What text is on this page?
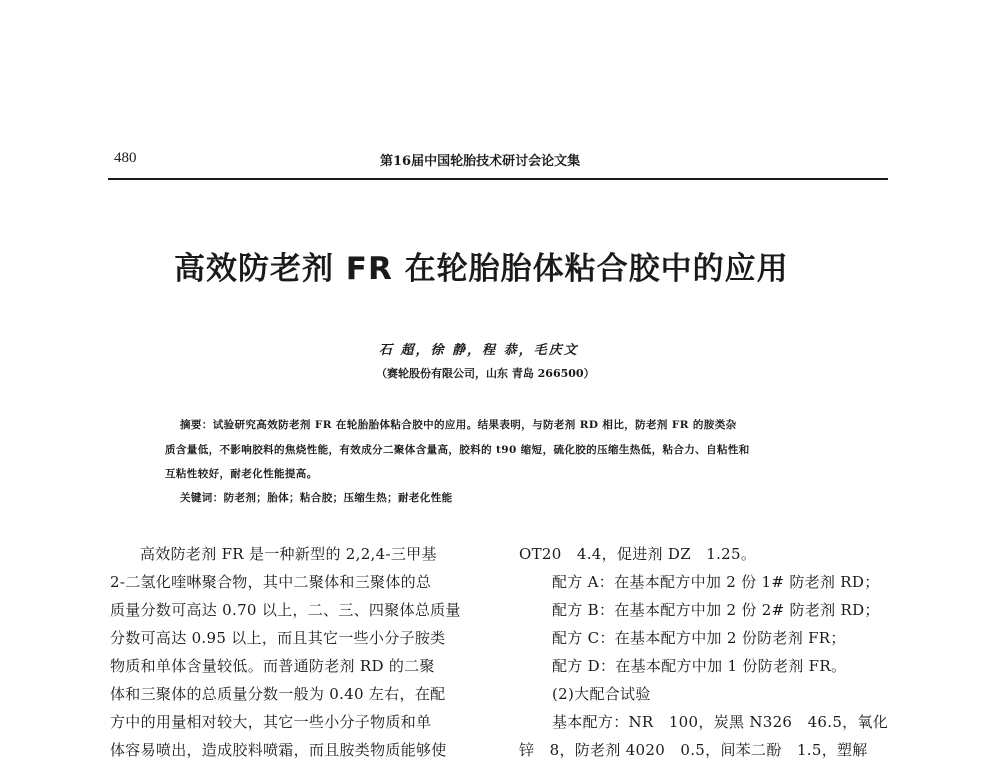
480	第16届中国轮胎技术研讨会论文集
高效防老剂 FR 在轮胎胎体粘合胶中的应用
石 超，徐 静，程 恭，毛庆文
（赛轮股份有限公司，山东 青岛 266500）
摘要：试验研究高效防老剂 FR 在轮胎胎体粘合胶中的应用。结果表明，与防老剂 RD 相比，防老剂 FR 的胺类杂
质含量低，不影响胶料的焦烧性能，有效成分二聚体含量高，胶料的 t90 缩短，硫化胶的压缩生热低，粘合力、自粘性和
互粘性较好，耐老化性能提高。
关键词：防老剂；胎体；粘合胶；压缩生热；耐老化性能
高效防老剂 FR 是一种新型的 2,2,4-三甲基
2-二氢化喹啉聚合物，其中二聚体和三聚体的总
质量分数可高达 0.70 以上，二、三、四聚体总质量
分数可高达 0.95 以上，而且其它一些小分子胺类
物质和单体含量较低。而普通防老剂 RD 的二聚
体和三聚体的总质量分数一般为 0.40 左右，在配
方中的用量相对较大，其它一些小分子物质和单
体容易喷出，造成胶料喷霜，而且胺类物质能够使
OT20　4.4，促进剂 DZ　1.25。
配方 A：在基本配方中加 2 份 1# 防老剂 RD；
配方 B：在基本配方中加 2 份 2# 防老剂 RD；
配方 C：在基本配方中加 2 份防老剂 FR；
配方 D：在基本配方中加 1 份防老剂 FR。
(2)大配合试验
基本配方：NR　100，炭黑 N326　46.5，氧化
锌　8，防老剂 4020　0.5，间苯二酚　1.5，塑解
